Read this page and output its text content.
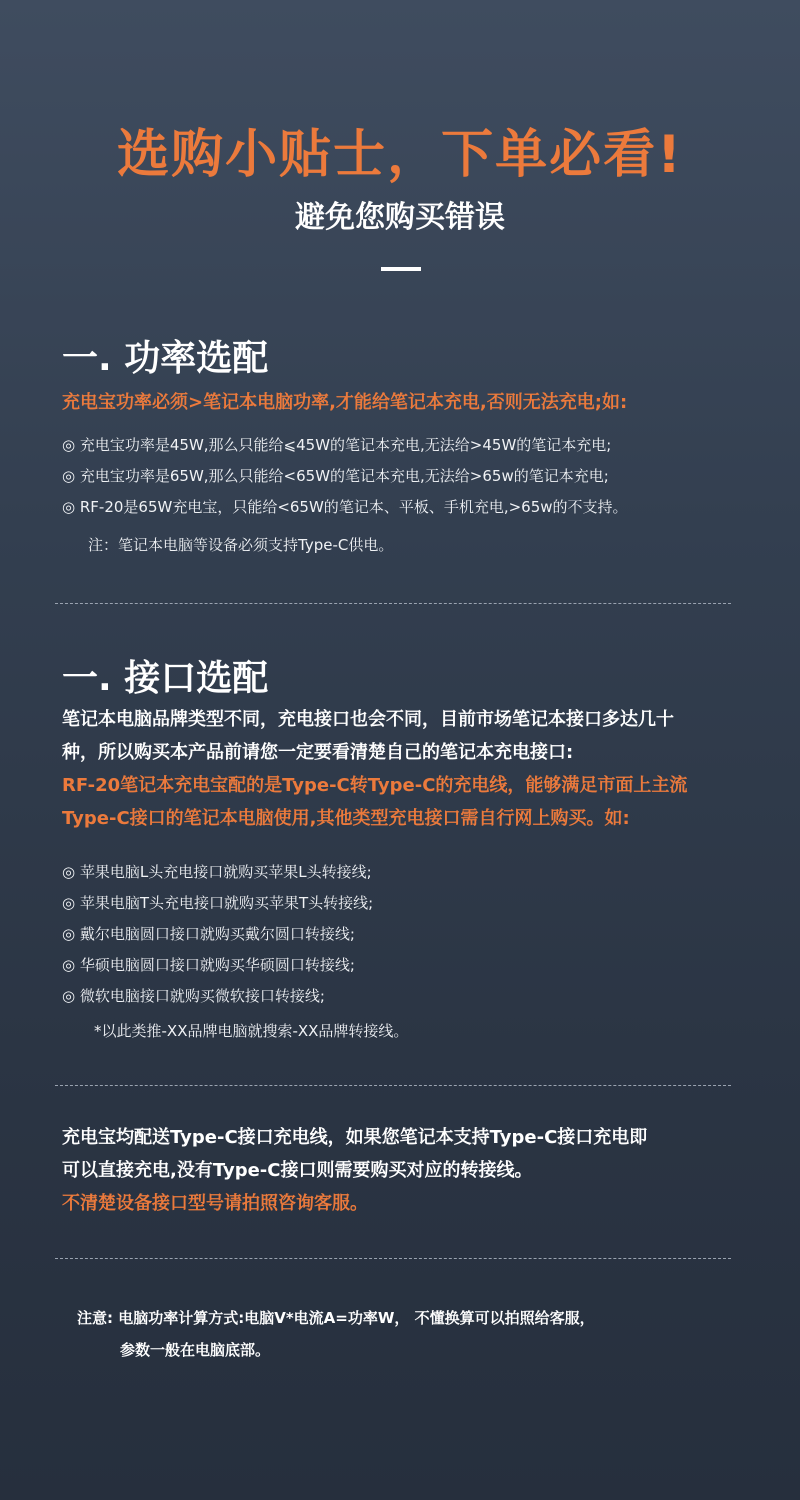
选购小贴士，下单必看!
避免您购买错误
一. 功率选配
充电宝功率必须>笔记本电脑功率,才能给笔记本充电,否则无法充电;如:
◎ 充电宝功率是45W,那么只能给⩽45W的笔记本充电,无法给>45W的笔记本充电;
◎ 充电宝功率是65W,那么只能给<65W的笔记本充电,无法给>65w的笔记本充电;
◎ RF-20是65W充电宝，只能给<65W的笔记本、平板、手机充电,>65w的不支持。
注：笔记本电脑等设备必须支持Type-C供电。
一. 接口选配
笔记本电脑品牌类型不同，充电接口也会不同，目前市场笔记本接口多达几十
种，所以购买本产品前请您一定要看清楚自己的笔记本充电接口:
RF-20笔记本充电宝配的是Type-C转Type-C的充电线，能够满足市面上主流
Type-C接口的笔记本电脑使用,其他类型充电接口需自行网上购买。如:
◎ 苹果电脑L头充电接口就购买苹果L头转接线;
◎ 苹果电脑T头充电接口就购买苹果T头转接线;
◎ 戴尔电脑圆口接口就购买戴尔圆口转接线;
◎ 华硕电脑圆口接口就购买华硕圆口转接线;
◎ 微软电脑接口就购买微软接口转接线;
*以此类推-XX品牌电脑就搜索-XX品牌转接线。
充电宝均配送Type-C接口充电线，如果您笔记本支持Type-C接口充电即
可以直接充电,没有Type-C接口则需要购买对应的转接线。
不清楚设备接口型号请拍照咨询客服。
注意: 电脑功率计算方式:电脑V*电流A=功率W， 不懂换算可以拍照给客服，
参数一般在电脑底部。
